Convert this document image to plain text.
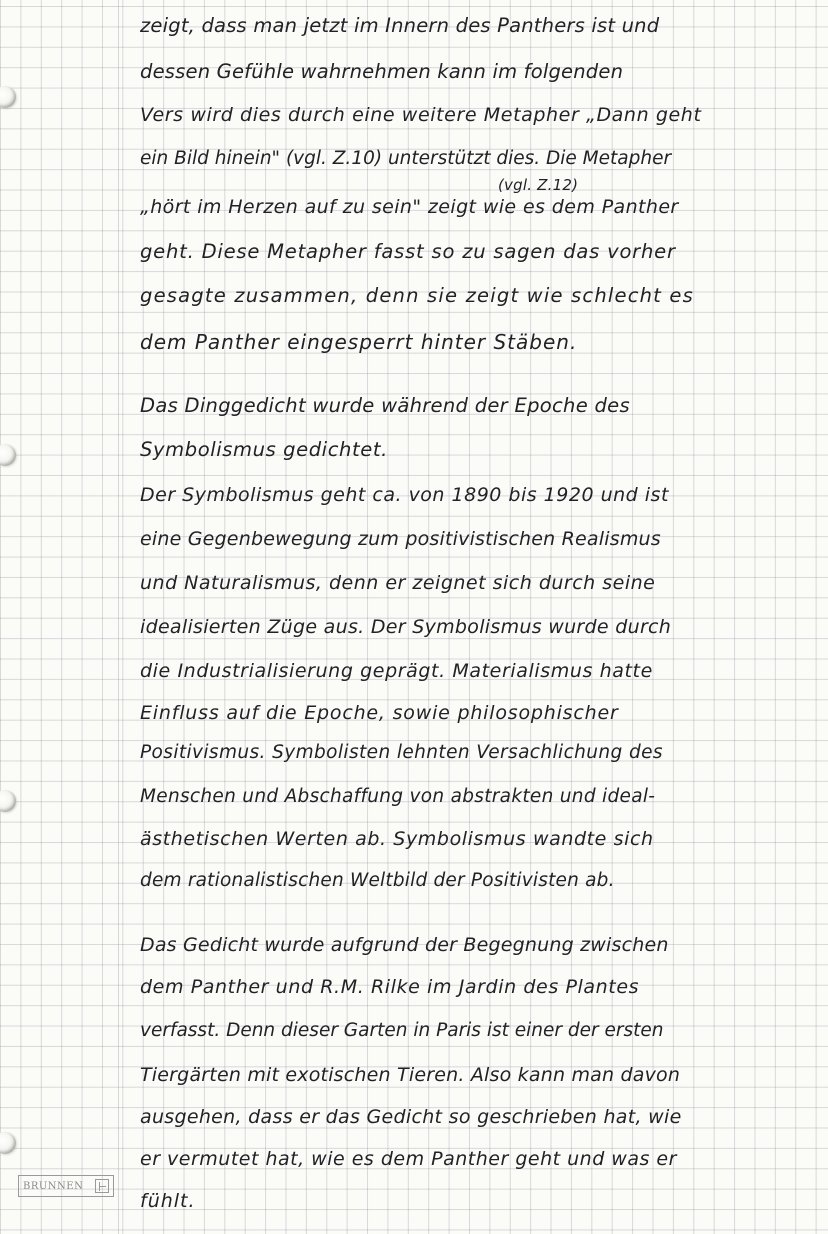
zeigt, dass man jetzt im Innern des Panthers ist und
dessen Gefühle wahrnehmen kann im folgenden
Vers wird dies durch eine weitere Metapher „Dann geht
ein Bild hinein" (vgl. Z.10) unterstützt dies. Die Metapher
(vgl. Z.12)
„hört im Herzen auf zu sein" zeigt wie es dem Panther
geht. Diese Metapher fasst so zu sagen das vorher
gesagte zusammen, denn sie zeigt wie schlecht es
dem Panther eingesperrt hinter Stäben.
Das Dinggedicht wurde während der Epoche des
Symbolismus gedichtet.
Der Symbolismus geht ca. von 1890 bis 1920 und ist
eine Gegenbewegung zum positivistischen Realismus
und Naturalismus, denn er zeignet sich durch seine
idealisierten Züge aus. Der Symbolismus wurde durch
die Industrialisierung geprägt. Materialismus hatte
Einfluss auf die Epoche, sowie philosophischer
Positivismus. Symbolisten lehnten Versachlichung des
Menschen und Abschaffung von abstrakten und ideal-
ästhetischen Werten ab. Symbolismus wandte sich
dem rationalistischen Weltbild der Positivisten ab.
Das Gedicht wurde aufgrund der Begegnung zwischen
dem Panther und R.M. Rilke im Jardin des Plantes
verfasst. Denn dieser Garten in Paris ist einer der ersten
Tiergärten mit exotischen Tieren. Also kann man davon
ausgehen, dass er das Gedicht so geschrieben hat, wie
er vermutet hat, wie es dem Panther geht und was er
fühlt.
BRUNNEN
